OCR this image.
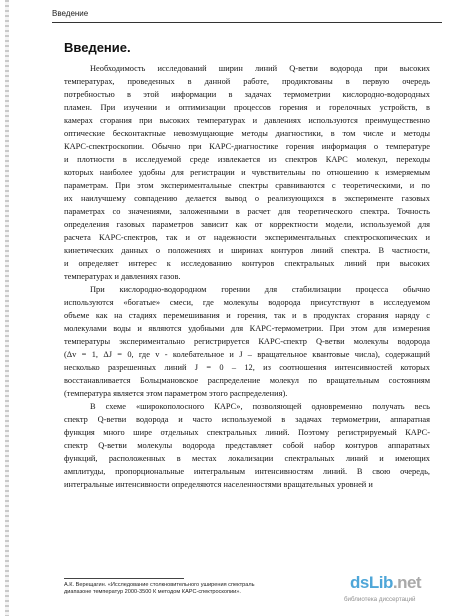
Введение
Введение.
Необходимость исследований ширин линий Q-ветви водорода при высоких
температурах, проведенных в данной работе, продиктованы в первую очередь
потребностью в этой информации в задачах термометрии кислородно-водородных
пламен. При изучении и оптимизации процессов горения и горелочных устройств, в
камерах сгорания при высоких температурах и давлениях используются преимущественно
оптические бесконтактные невозмущающие методы диагностики, в том числе и методы
КАРС-спектроскопии. Обычно при КАРС-диагностике горения информация о температуре
и плотности в исследуемой среде извлекается из спектров КАРС молекул, переходы
которых наиболее удобны для регистрации и чувствительны по отношению к измеряемым
параметрам. При этом экспериментальные спектры сравниваются с теоретическими, и по
их наилучшему совпадению делается вывод о реализующихся в эксперименте газовых
параметрах со значениями, заложенными в расчет для теоретического спектра. Точность
определения газовых параметров зависит как от корректности модели, используемой для
расчета КАРС-спектров, так и от надежности экспериментальных спектроскопических и
кинетических данных о положениях и ширинах контуров линий спектра. В частности,
и определяет интерес к исследованию контуров спектральных линий при высоких
температурах и давлениях газов.
При кислородно-водородном горении для стабилизации процесса обычно
используются «богатые» смеси, где молекулы водорода присутствуют в исследуемом
объеме как на стадиях перемешивания и горения, так и в продуктах сгорания наряду с
молекулами воды и являются удобными для КАРС-термометрии. При этом для измерения
температуры экспериментально регистрируется КАРС-спектр Q-ветви молекулы водорода
(Δv = 1, ΔJ = 0, где v - колебательное и J – вращательное квантовые числа), содержащий
несколько разрешенных линий J = 0 – 12, из соотношения интенсивностей которых
восстанавливается Больцмановское распределение молекул по вращательным состояниям
(температура является этом параметром этого распределения).
В схеме «широкополосного КАРС», позволяющей одновременно получать весь
спектр Q-ветви водорода и часто используемой в задачах термометрии, аппаратная
функция много шире отдельных спектральных линий. Поэтому регистрируемый КАРС-
спектр Q-ветви молекулы водорода представляет собой набор контуров аппаратных
функций, расположенных в местах локализации спектральных линий и имеющих
амплитуды, пропорциональные интегральным интенсивностям линий. В свою очередь,
интегральные интенсивности определяются населенностями вращательных уровней и
А.К. Верещагин. «Исследование столкновительного уширения спектраль
диапазоне температур 2000-3500 К методом КАРС-спектроскопии».	dsLib.net
библиотека диссертаций
